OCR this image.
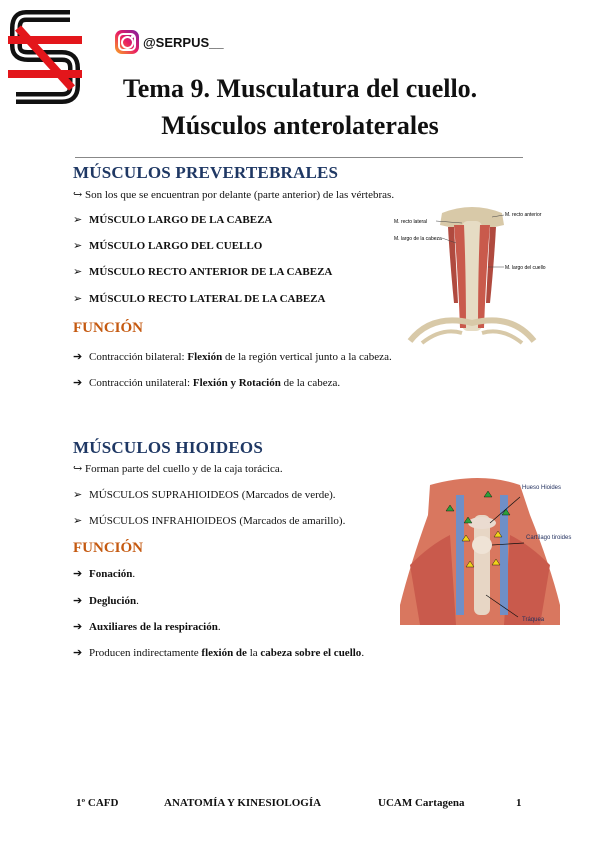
@SERPUS__
Tema 9. Musculatura del cuello.
Músculos anterolaterales
MÚSCULOS PREVERTEBRALES
↪ Son los que se encuentran por delante (parte anterior) de las vértebras.
➢ MÚSCULO LARGO DE LA CABEZA
➢ MÚSCULO LARGO DEL CUELLO
➢ MÚSCULO RECTO ANTERIOR DE LA CABEZA
➢ MÚSCULO RECTO LATERAL DE LA CABEZA
M. recto lateral
M. recto anterior
M. largo de la cabeza
M. largo del cuello
FUNCIÓN
➔ Contracción bilateral: Flexión de la región vertical junto a la cabeza.
➔ Contracción unilateral: Flexión y Rotación de la cabeza.
MÚSCULOS HIOIDEOS
↪ Forman parte del cuello y de la caja torácica.
➢ MÚSCULOS SUPRAHIOIDEOS (Marcados de verde).
➢ MÚSCULOS INFRAHIOIDEOS (Marcados de amarillo).
Hueso Hioides
Cartílago tiroides
Tráquea
FUNCIÓN
➔ Fonación.
➔ Deglución.
➔ Auxiliares de la respiración.
➔ Producen indirectamente flexión de la cabeza sobre el cuello.
1º CAFD	ANATOMÍA Y KINESIOLOGÍA	UCAM Cartagena	1
